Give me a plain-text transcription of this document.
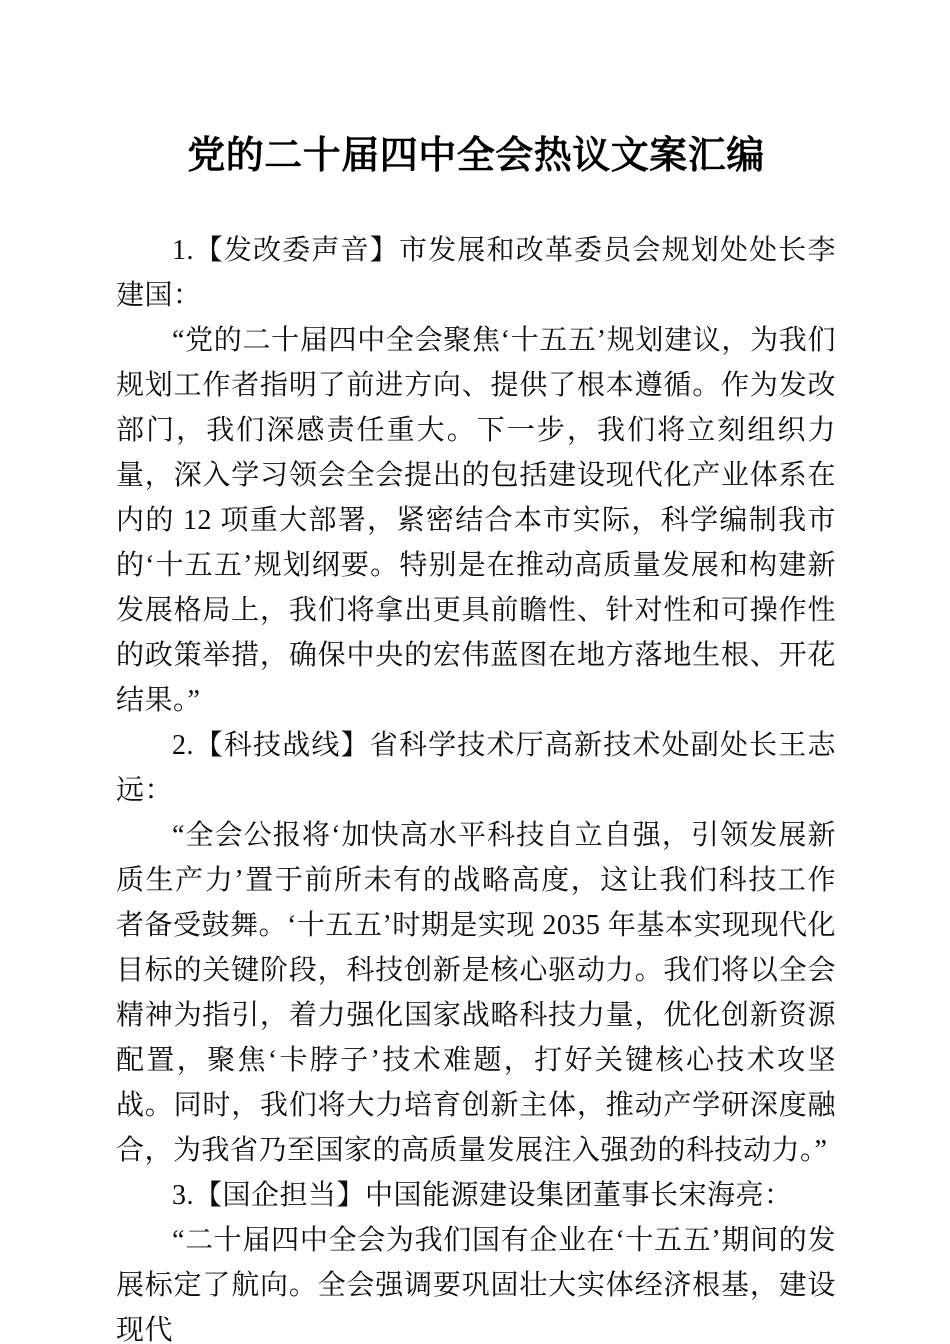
党的二十届四中全会热议文案汇编

1.【发改委声音】市发展和改革委员会规划处处长李建国：

“党的二十届四中全会聚焦‘十五五’规划建议，为我们规划工作者指明了前进方向、提供了根本遵循。作为发改部门，我们深感责任重大。下一步，我们将立刻组织力量，深入学习领会全会提出的包括建设现代化产业体系在内的 12 项重大部署，紧密结合本市实际，科学编制我市的‘十五五’规划纲要。特别是在推动高质量发展和构建新发展格局上，我们将拿出更具前瞻性、针对性和可操作性的政策举措，确保中央的宏伟蓝图在地方落地生根、开花结果。”

2.【科技战线】省科学技术厅高新技术处副处长王志远：

“全会公报将‘加快高水平科技自立自强，引领发展新质生产力’置于前所未有的战略高度，这让我们科技工作者备受鼓舞。‘十五五’时期是实现 2035 年基本实现现代化目标的关键阶段，科技创新是核心驱动力。我们将以全会精神为指引，着力强化国家战略科技力量，优化创新资源配置，聚焦‘卡脖子’技术难题，打好关键核心技术攻坚战。同时，我们将大力培育创新主体，推动产学研深度融合，为我省乃至国家的高质量发展注入强劲的科技动力。”

3.【国企担当】中国能源建设集团董事长宋海亮：

“二十届四中全会为我们国有企业在‘十五五’期间的发展标定了航向。全会强调要巩固壮大实体经济根基，建设现代
